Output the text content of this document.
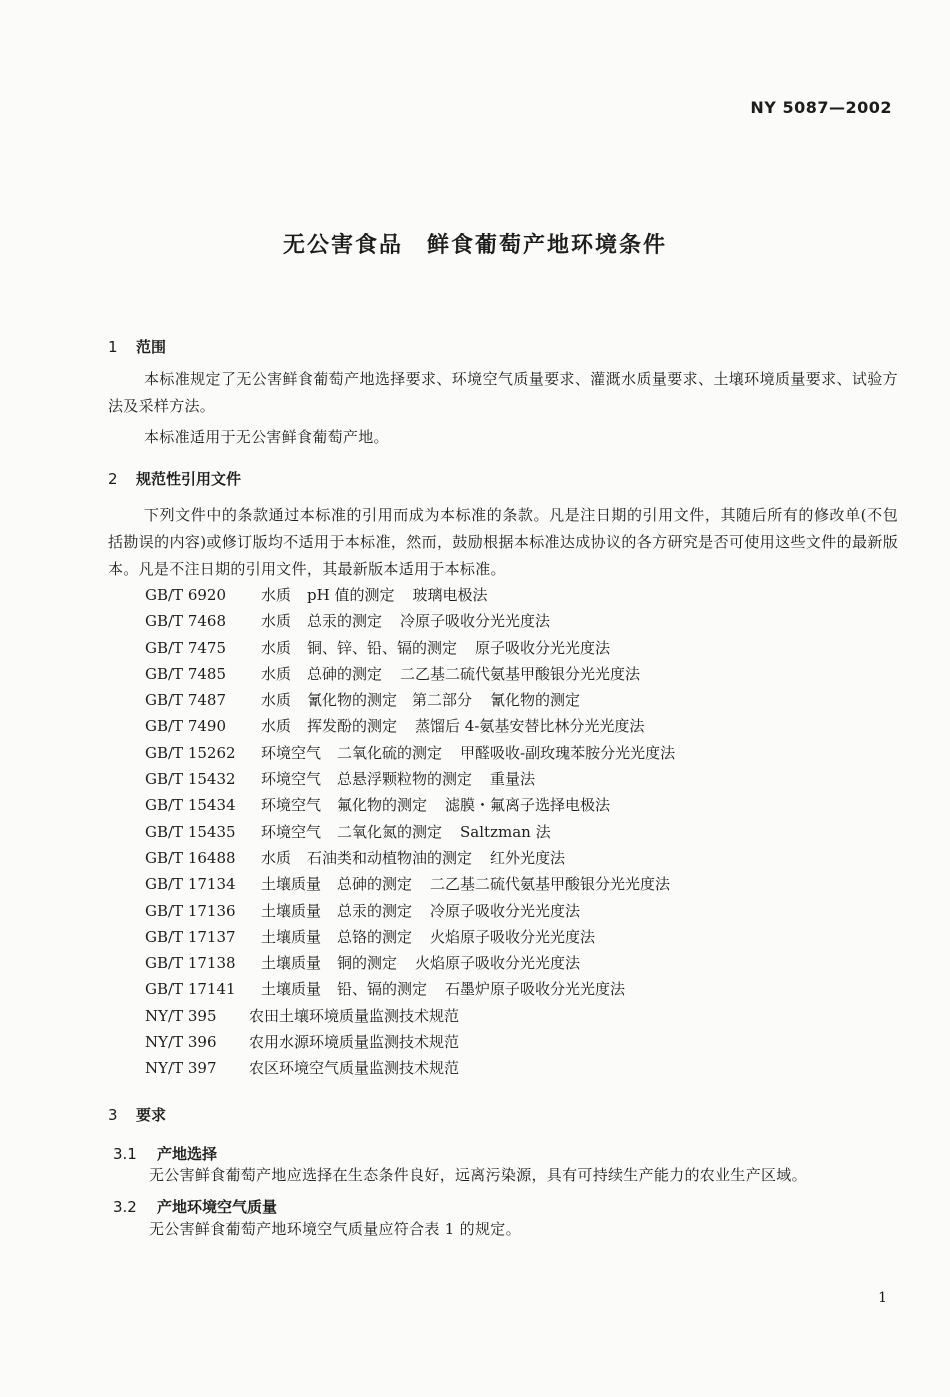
NY 5087—2002
无公害食品　鲜食葡萄产地环境条件
1 范围
本标准规定了无公害鲜食葡萄产地选择要求、环境空气质量要求、灌溉水质量要求、土壤环境质量要求、试验方法及采样方法。
本标准适用于无公害鲜食葡萄产地。
2 规范性引用文件
下列文件中的条款通过本标准的引用而成为本标准的条款。凡是注日期的引用文件，其随后所有的修改单(不包括勘误的内容)或修订版均不适用于本标准，然而，鼓励根据本标准达成协议的各方研究是否可使用这些文件的最新版本。凡是不注日期的引用文件，其最新版本适用于本标准。
GB/T 6920 水质 pH 值的测定 玻璃电极法
GB/T 7468 水质 总汞的测定 冷原子吸收分光光度法
GB/T 7475 水质 铜、锌、铅、镉的测定 原子吸收分光光度法
GB/T 7485 水质 总砷的测定 二乙基二硫代氨基甲酸银分光光度法
GB/T 7487 水质 氰化物的测定　第二部分 氰化物的测定
GB/T 7490 水质 挥发酚的测定 蒸馏后 4-氨基安替比林分光光度法
GB/T 15262 环境空气 二氧化硫的测定 甲醛吸收-副玫瑰苯胺分光光度法
GB/T 15432 环境空气 总悬浮颗粒物的测定 重量法
GB/T 15434 环境空气 氟化物的测定 滤膜・氟离子选择电极法
GB/T 15435 环境空气 二氧化氮的测定 Saltzman 法
GB/T 16488 水质 石油类和动植物油的测定 红外光度法
GB/T 17134 土壤质量 总砷的测定 二乙基二硫代氨基甲酸银分光光度法
GB/T 17136 土壤质量 总汞的测定 冷原子吸收分光光度法
GB/T 17137 土壤质量 总铬的测定 火焰原子吸收分光光度法
GB/T 17138 土壤质量 铜的测定 火焰原子吸收分光光度法
GB/T 17141 土壤质量 铅、镉的测定 石墨炉原子吸收分光光度法
NY/T 395 农田土壤环境质量监测技术规范
NY/T 396 农用水源环境质量监测技术规范
NY/T 397 农区环境空气质量监测技术规范
3 要求
3.1 产地选择
无公害鲜食葡萄产地应选择在生态条件良好，远离污染源，具有可持续生产能力的农业生产区域。
3.2 产地环境空气质量
无公害鲜食葡萄产地环境空气质量应符合表 1 的规定。
1
